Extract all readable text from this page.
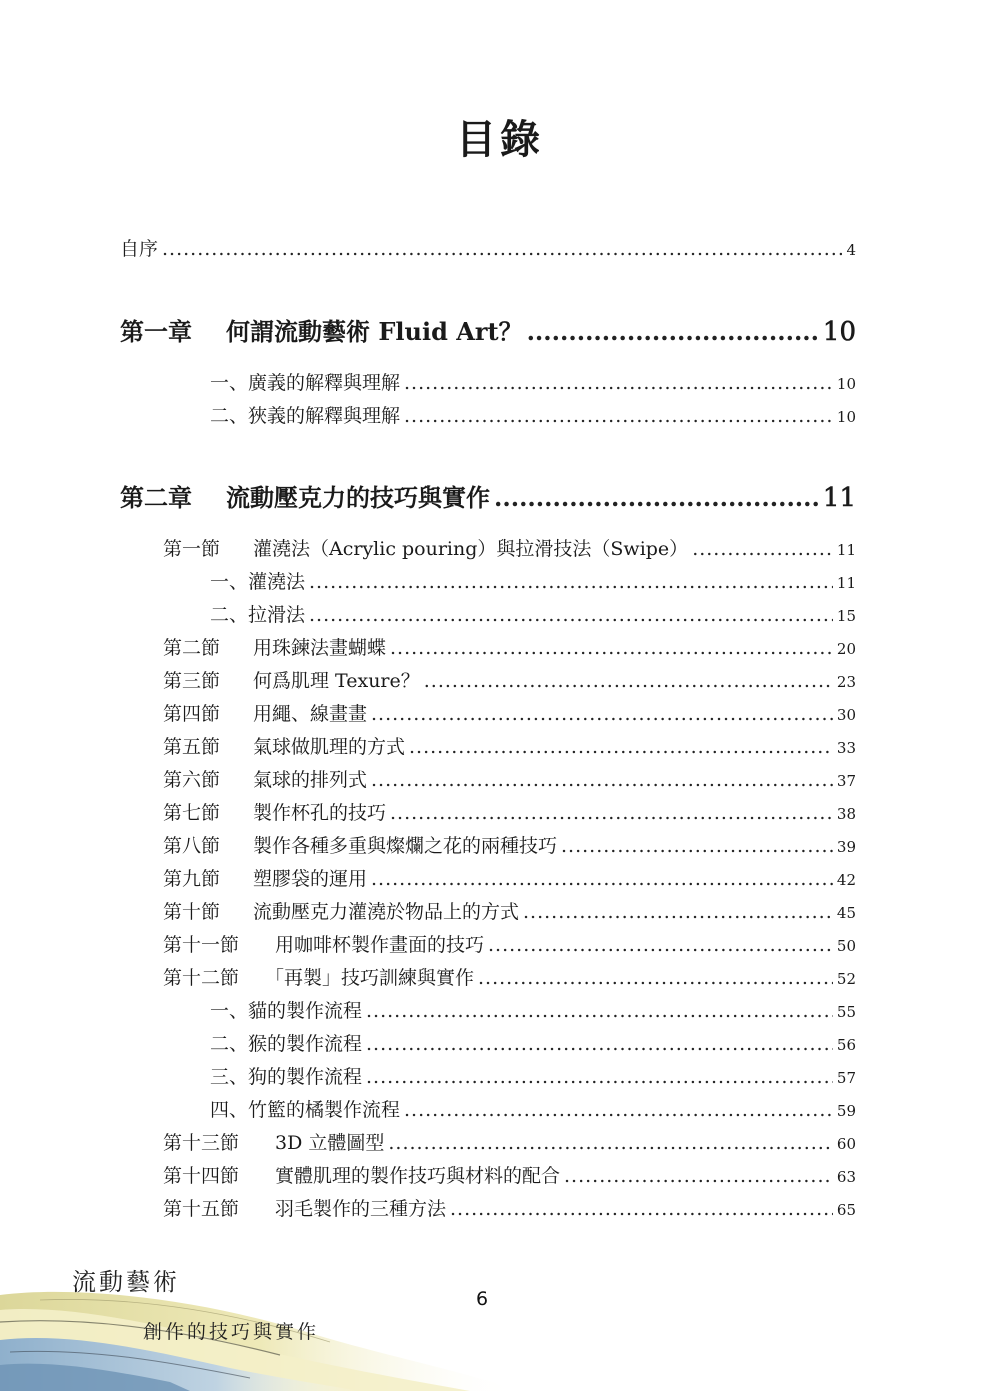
目錄
自序 .....	4
第一章 何謂流動藝術 Fluid Art？ .....	10
一、廣義的解釋與理解 .....	10
二、狹義的解釋與理解 .....	10
第二章 流動壓克力的技巧與實作 .....	11
第一節 灌澆法（Acrylic pouring）與拉滑技法（Swipe） .....	11
一、灌澆法 .....	11
二、拉滑法 .....	15
第二節 用珠鍊法畫蝴蝶 .....	20
第三節 何爲肌理 Texure？ .....	23
第四節 用繩、線畫畫 .....	30
第五節 氣球做肌理的方式 .....	33
第六節 氣球的排列式 .....	37
第七節 製作杯孔的技巧 .....	38
第八節 製作各種多重與燦爛之花的兩種技巧 .....	39
第九節 塑膠袋的運用 .....	42
第十節 流動壓克力灌澆於物品上的方式 .....	45
第十一節 用咖啡杯製作畫面的技巧 .....	50
第十二節 「再製」技巧訓練與實作 .....	52
一、貓的製作流程 .....	55
二、猴的製作流程 .....	56
三、狗的製作流程 .....	57
四、竹籃的橘製作流程 .....	59
第十三節 3D 立體圖型 .....	60
第十四節 實體肌理的製作技巧與材料的配合 .....	63
第十五節 羽毛製作的三種方法 .....	65
流動藝術
創作的技巧與實作
6
